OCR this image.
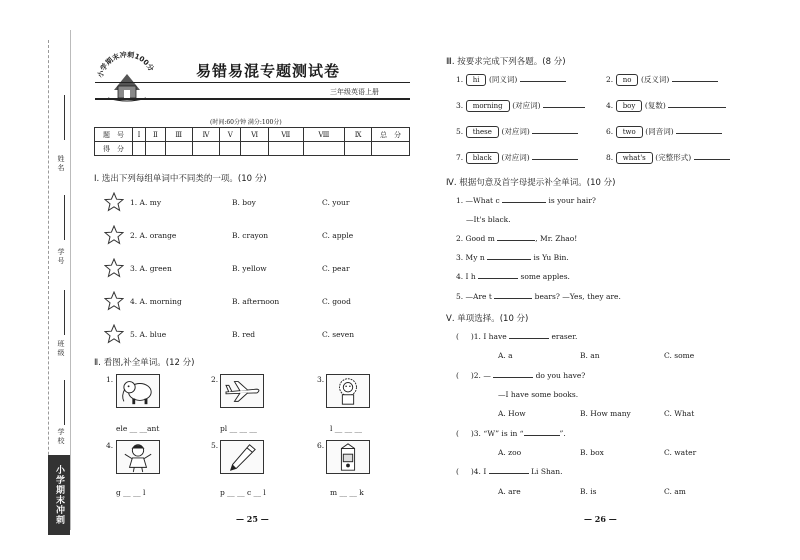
姓名
学号
班级
学校
小学期末冲刺100分
小学期末冲刺100分	易错易混专题测试卷
三年级英语上册
(时间:60分钟 满分:100分)
题　号	Ⅰ	Ⅱ	Ⅲ	Ⅳ	Ⅴ	Ⅵ	Ⅶ	Ⅷ	Ⅸ	总　分
得　分										
Ⅰ. 选出下列每组单词中不同类的一项。(10 分)
1. A. my	B. boy	C. your
2. A. orange	B. crayon	C. apple
3. A. green	B. yellow	C. pear
4. A. morning	B. afternoon	C. good
5. A. blue	B. red	C. seven
Ⅱ. 看图,补全单词。(12 分)
1.
ele __ __ant
2.
pl __ __ __
3.
l __ __ __
4.
g __ __ l
5.
p __ __ c __ l
6.
m __ __ k
— 25 —
Ⅲ. 按要求完成下列各题。(8 分)
1. hi (同义词)	2. no (反义词)
3. morning (对应词)	4. boy (复数)
5. these (对应词)	6. two (同音词)
7. black (对应词)	8. what's (完整形式)
Ⅳ. 根据句意及首字母提示补全单词。(10 分)
1. —What c	is your hair?
—It's black.
2. Good m	, Mr. Zhao!
3. My n	is Yu Bin.
4. I h	some apples.
5. —Are t	bears? —Yes, they are.
Ⅴ. 单项选择。(10 分)
(     )1. I have	eraser.
A. a	B. an	C. some
(     )2. —	do you have?
—I have some books.
A. How	B. How many	C. What
(     )3. “W” is in “	”.
A. zoo	B. box	C. water
(     )4. I	Li Shan.
A. are	B. is	C. am
— 26 —
